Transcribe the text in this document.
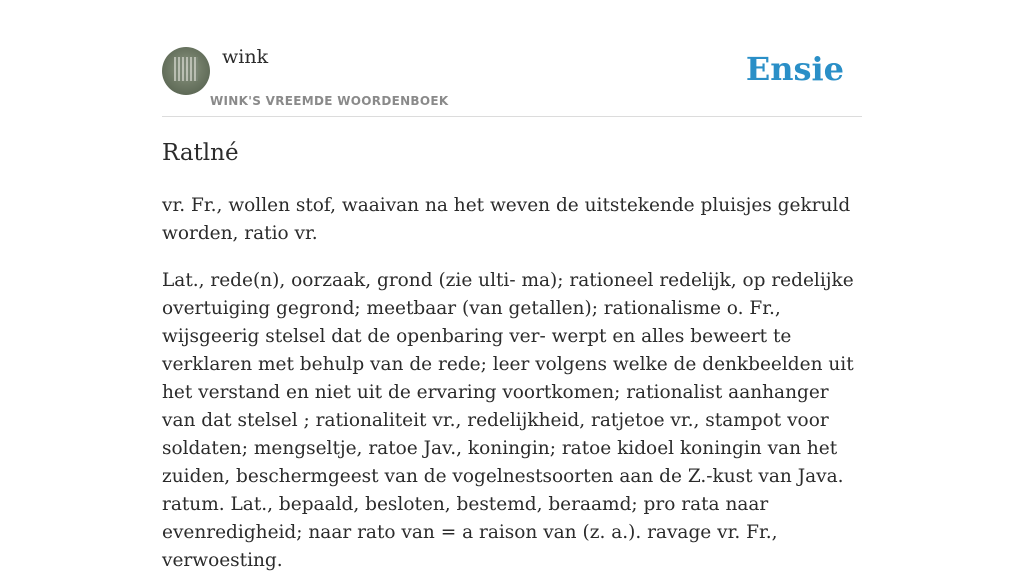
wink
WINK'S VREEMDE WOORDENBOEK
Ensie
Ratlné

vr. Fr., wollen stof, waaivan na het weven de uitstekende pluisjes gekruld worden, ratio vr.

Lat., rede(n), oorzaak, grond (zie ulti- ma); rationeel redelijk, op redelijke overtuiging gegrond; meetbaar (van getallen); rationalisme o. Fr., wijsgeerig stelsel dat de openbaring ver- werpt en alles beweert te verklaren met behulp van de rede; leer volgens welke de denkbeelden uit het verstand en niet uit de ervaring voortkomen; rationalist aanhanger van dat stelsel ; rationaliteit vr., redelijkheid, ratjetoe vr., stampot voor soldaten; mengseltje, ratoe Jav., koningin; ratoe kidoel koningin van het zuiden, beschermgeest van de vogelnestsoorten aan de Z.-kust van Java. ratum. Lat., bepaald, besloten, bestemd, beraamd; pro rata naar evenredigheid; naar rato van = a raison van (z. a.). ravage vr. Fr., verwoesting.
